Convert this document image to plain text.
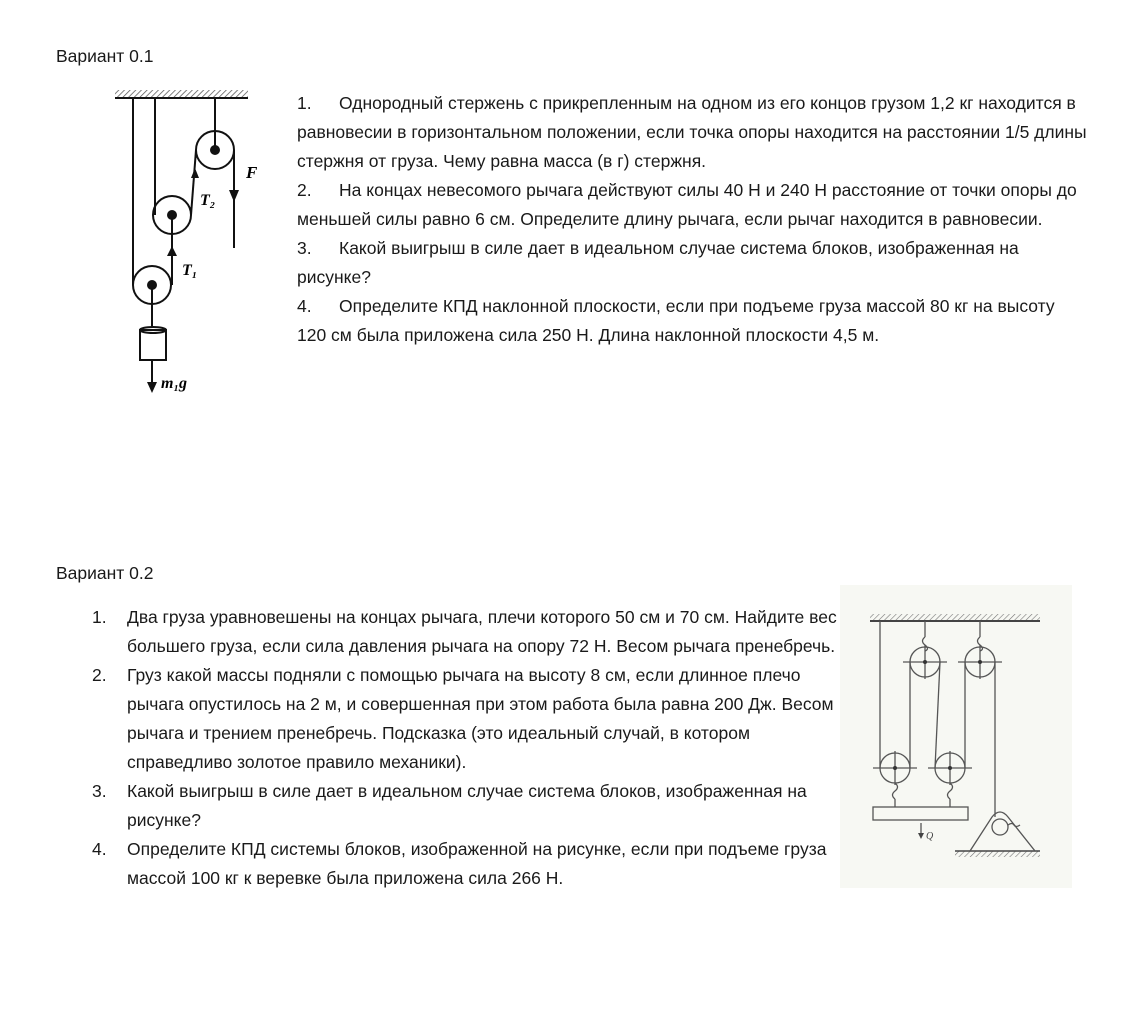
Вариант 0.1
F
T₂
T₁
m₁g
1. Однородный стержень с прикрепленным на одном из его концов грузом 1,2 кг находится в равновесии в горизонтальном положении, если точка опоры находится на расстоянии 1/5 длины стержня от груза. Чему равна масса (в г) стержня.
2. На концах невесомого рычага действуют силы 40 Н и 240 Н расстояние от точки опоры до меньшей силы равно 6 см. Определите длину рычага, если рычаг находится в равновесии.
3. Какой выигрыш в силе дает в идеальном случае система блоков, изображенная на рисунке?
4. Определите КПД наклонной плоскости, если при подъеме груза массой 80 кг на высоту 120 см была приложена сила 250 Н. Длина наклонной плоскости 4,5 м.
Вариант 0.2
1. Два груза уравновешены на концах рычага, плечи которого 50 см и 70 см. Найдите вес большего груза, если сила давления рычага на опору 72 Н. Весом рычага пренебречь.
2. Груз какой массы подняли с помощью рычага на высоту 8 см, если длинное плечо рычага опустилось на 2 м, и совершенная при этом работа была равна 200 Дж. Весом рычага и трением пренебречь. Подсказка (это идеальный случай, в котором справедливо золотое правило механики).
3. Какой выигрыш в силе дает в идеальном случае система блоков, изображенная на рисунке?
4. Определите КПД системы блоков, изображенной на рисунке, если при подъеме груза массой 100 кг к веревке была приложена сила 266 Н.
Q
